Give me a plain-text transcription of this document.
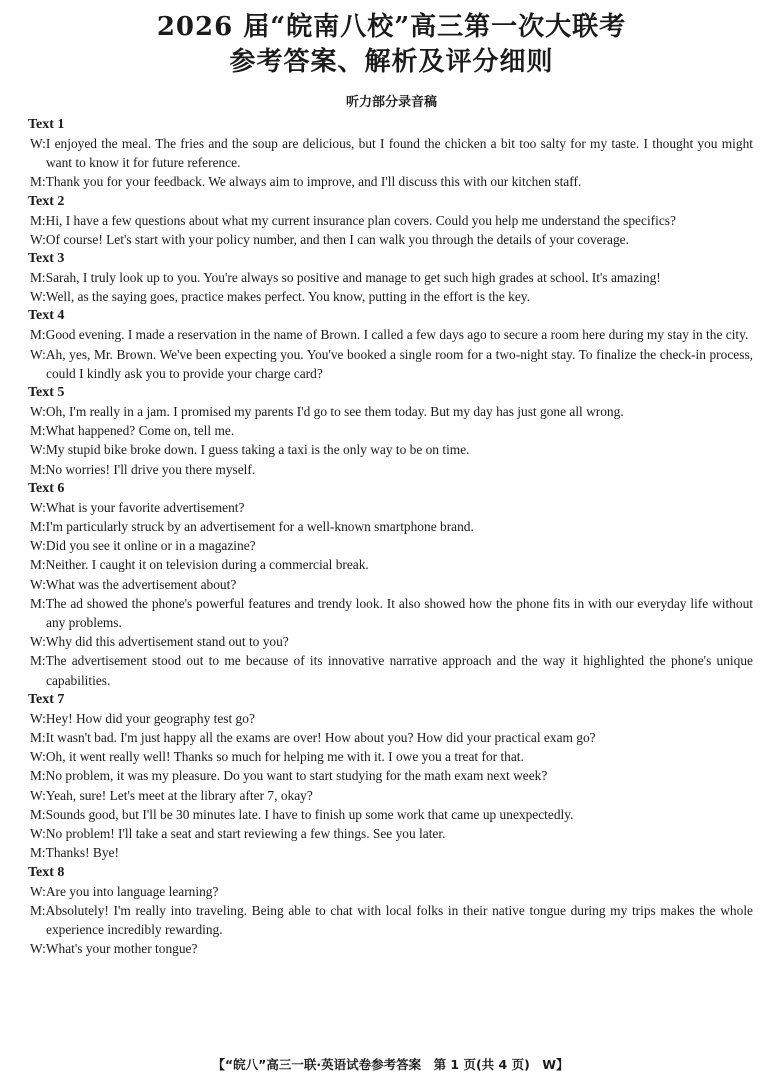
2026 届“皖南八校”高三第一次大联考
参考答案、解析及评分细则
听力部分录音稿
Text 1
W:I enjoyed the meal. The fries and the soup are delicious, but I found the chicken a bit too salty for my taste. I thought you might want to know it for future reference.
M:Thank you for your feedback. We always aim to improve, and I'll discuss this with our kitchen staff.
Text 2
M:Hi, I have a few questions about what my current insurance plan covers. Could you help me understand the specifics?
W:Of course! Let's start with your policy number, and then I can walk you through the details of your coverage.
Text 3
M:Sarah, I truly look up to you. You're always so positive and manage to get such high grades at school. It's amazing!
W:Well, as the saying goes, practice makes perfect. You know, putting in the effort is the key.
Text 4
M:Good evening. I made a reservation in the name of Brown. I called a few days ago to secure a room here during my stay in the city.
W:Ah, yes, Mr. Brown. We've been expecting you. You've booked a single room for a two-night stay. To finalize the check-in process, could I kindly ask you to provide your charge card?
Text 5
W:Oh, I'm really in a jam. I promised my parents I'd go to see them today. But my day has just gone all wrong.
M:What happened? Come on, tell me.
W:My stupid bike broke down. I guess taking a taxi is the only way to be on time.
M:No worries! I'll drive you there myself.
Text 6
W:What is your favorite advertisement?
M:I'm particularly struck by an advertisement for a well-known smartphone brand.
W:Did you see it online or in a magazine?
M:Neither. I caught it on television during a commercial break.
W:What was the advertisement about?
M:The ad showed the phone's powerful features and trendy look. It also showed how the phone fits in with our everyday life without any problems.
W:Why did this advertisement stand out to you?
M:The advertisement stood out to me because of its innovative narrative approach and the way it highlighted the phone's unique capabilities.
Text 7
W:Hey! How did your geography test go?
M:It wasn't bad. I'm just happy all the exams are over! How about you? How did your practical exam go?
W:Oh, it went really well! Thanks so much for helping me with it. I owe you a treat for that.
M:No problem, it was my pleasure. Do you want to start studying for the math exam next week?
W:Yeah, sure! Let's meet at the library after 7, okay?
M:Sounds good, but I'll be 30 minutes late. I have to finish up some work that came up unexpectedly.
W:No problem! I'll take a seat and start reviewing a few things. See you later.
M:Thanks! Bye!
Text 8
W:Are you into language learning?
M:Absolutely! I'm really into traveling. Being able to chat with local folks in their native tongue during my trips makes the whole experience incredibly rewarding.
W:What's your mother tongue?
【“皖八”高三一联·英语试卷参考答案　第 1 页(共 4 页)　W】
